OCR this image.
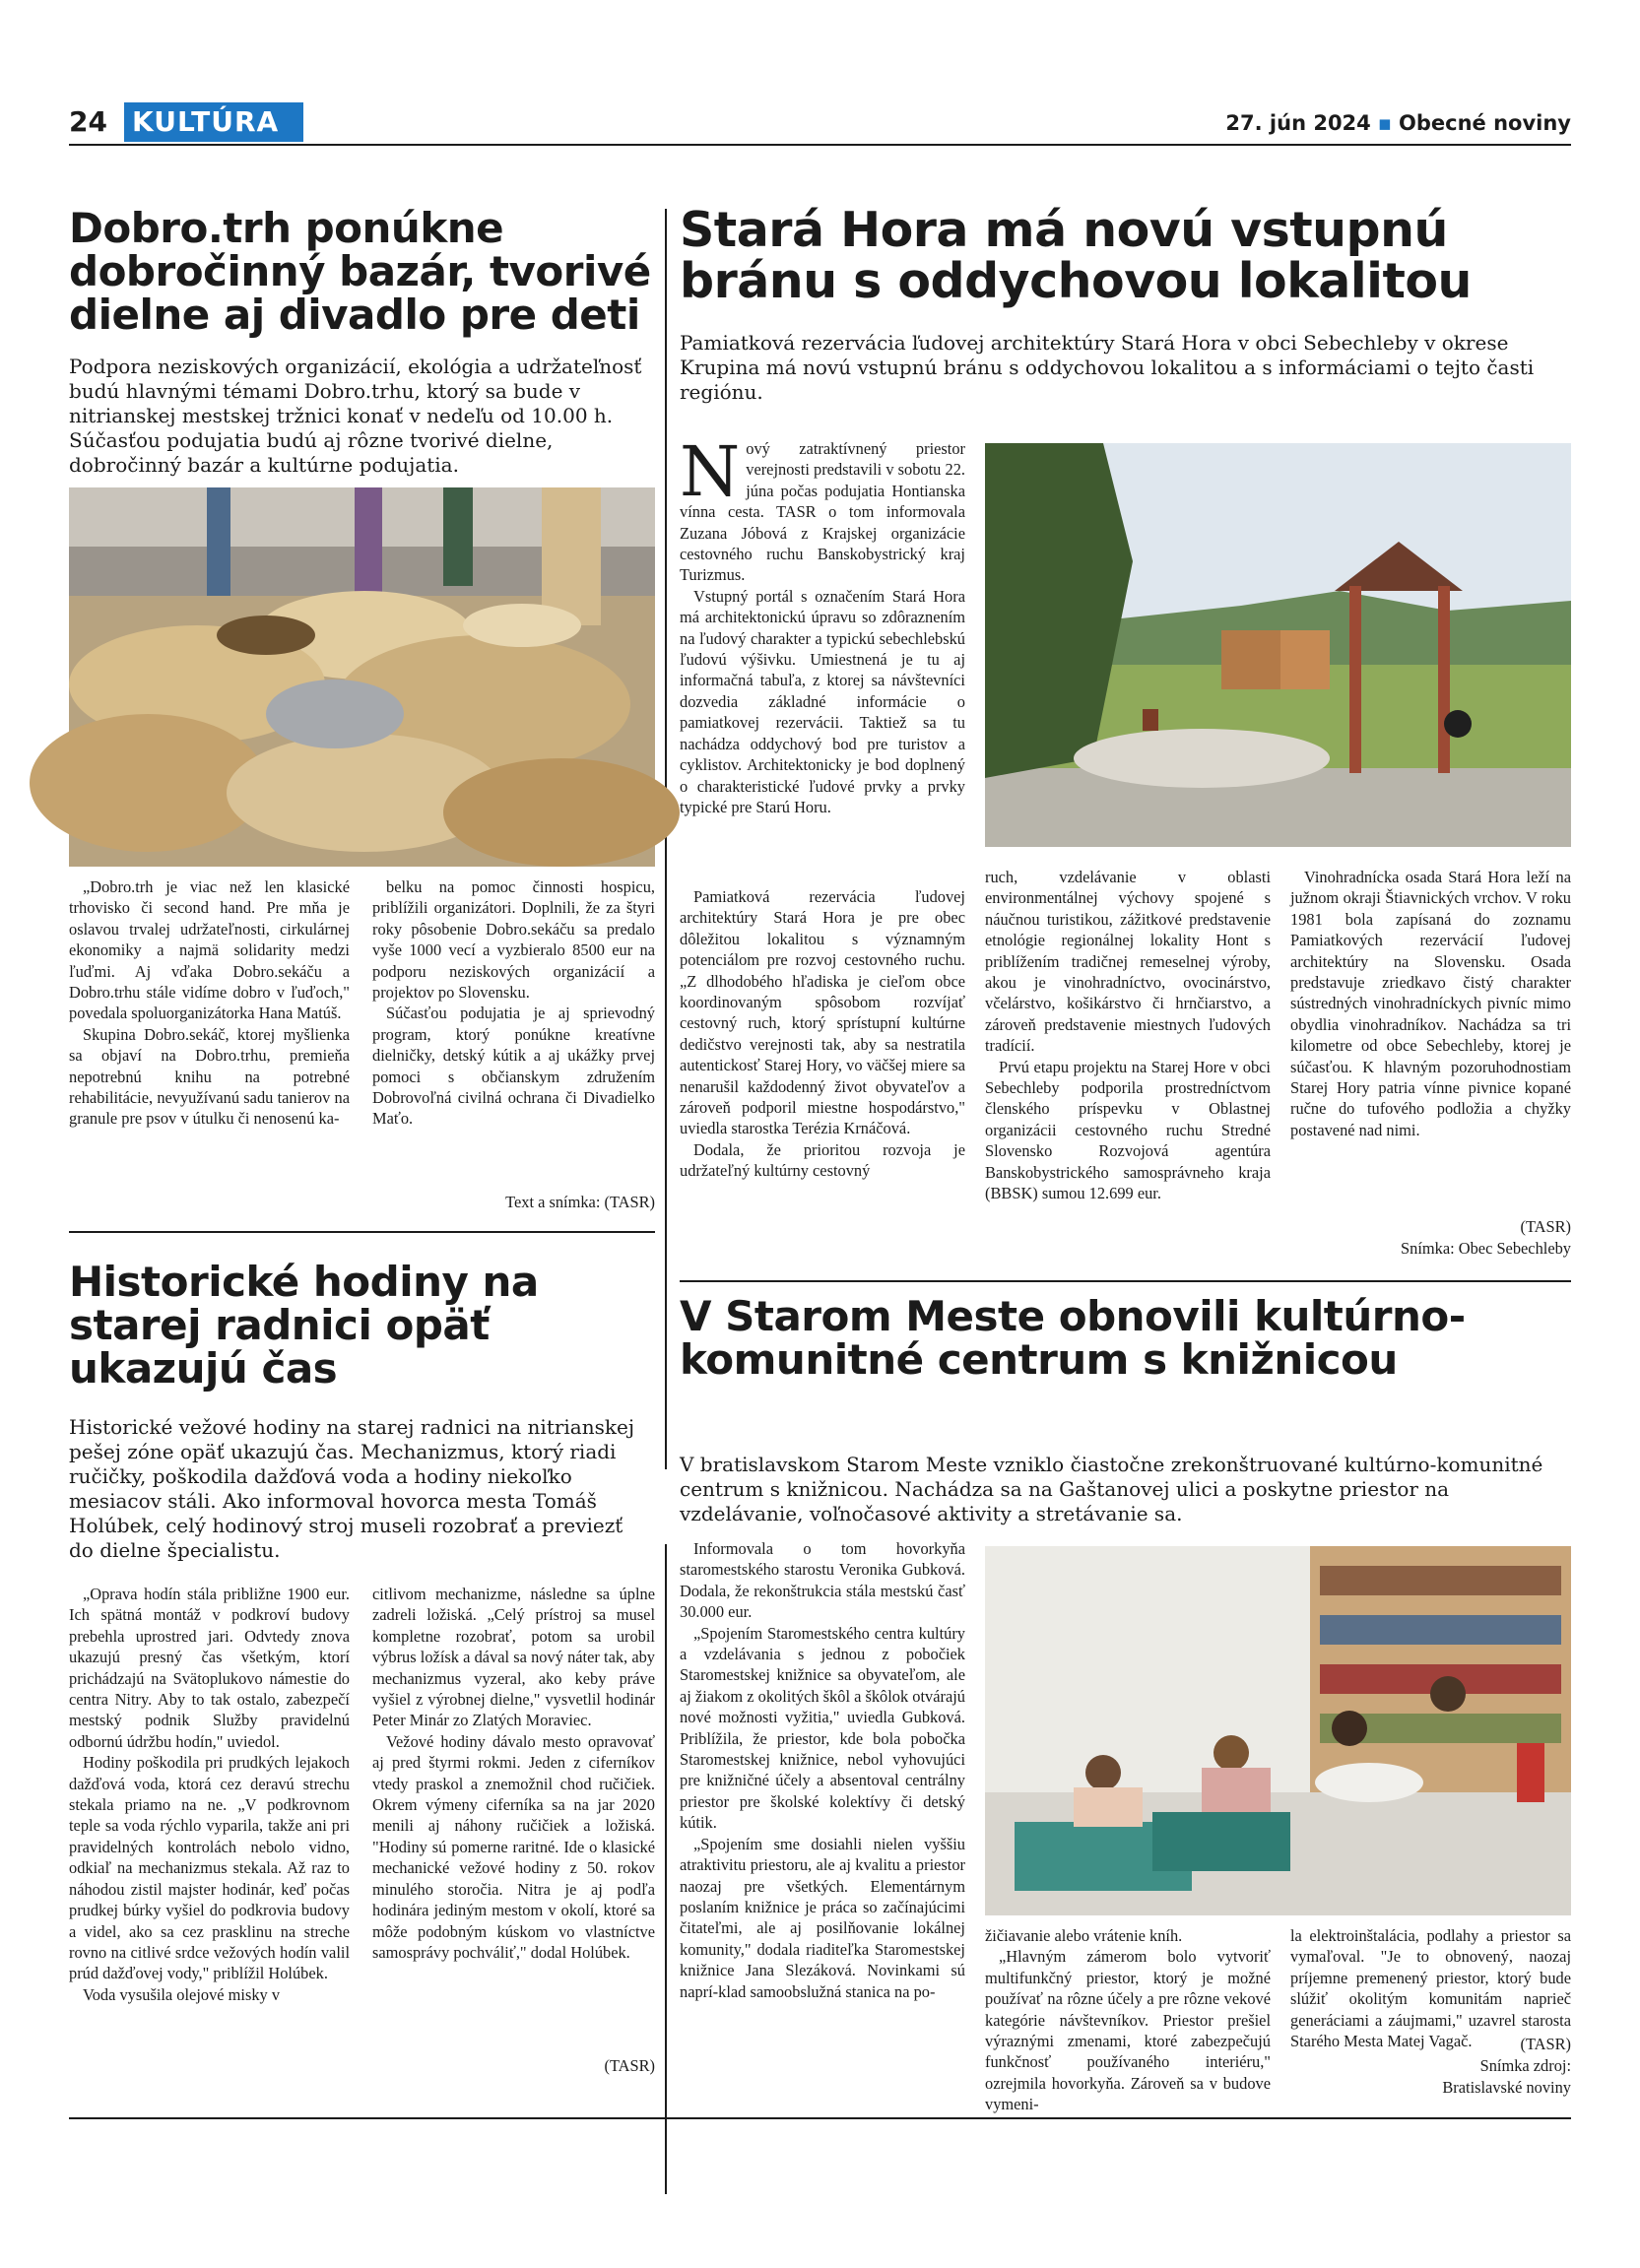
24 KULTÚRA	27. jún 2024 ▪ Obecné noviny
Dobro.trh ponúkne dobročinný bazár, tvorivé dielne aj divadlo pre deti
Podpora neziskových organizácií, ekológia a udržateľnosť budú hlavnými témami Dobro.trhu, ktorý sa bude v nitrianskej mestskej tržnici konať v nedeľu od 10.00 h. Súčasťou podujatia budú aj rôzne tvorivé dielne, dobročinný bazár a kultúrne podujatia.

„Dobro.trh je viac než len klasické trhovisko či second hand. Pre mňa je oslavou trvalej udržateľnosti, cirkulárnej ekonomiky a najmä solidarity medzi ľuďmi. Aj vďaka Dobro.sekáču a Dobro.trhu stále vidíme dobro v ľuďoch," povedala spoluorganizátorka Hana Matúš.

Skupina Dobro.sekáč, ktorej myšlienka sa objaví na Dobro.trhu, premieňa nepotrebnú knihu na potrebné rehabilitácie, nevyužívanú sadu tanierov na granule pre psov v útulku či nenosenú ka-

belku na pomoc činnosti hospicu, priblížili organizátori. Doplnili, že za štyri roky pôsobenie Dobro.sekáču sa predalo vyše 1000 vecí a vyzbieralo 8500 eur na podporu neziskových organizácií a projektov po Slovensku.

Súčasťou podujatia je aj sprievodný program, ktorý ponúkne kreatívne dielničky, detský kútik a aj ukážky prvej pomoci s občianskym združením Dobrovoľná civilná ochrana či Divadielko Maťo.

Text a snímka: (TASR)
Stará Hora má novú vstupnú bránu s oddychovou lokalitou
Pamiatková rezervácia ľudovej architektúry Stará Hora v obci Sebechleby v okrese Krupina má novú vstupnú bránu s oddychovou lokalitou a s informáciami o tejto časti regiónu.
N ový zatraktívnený priestor verejnosti predstavili v sobotu 22. júna počas podujatia Hontianska vínna cesta. TASR o tom informovala Zuzana Jóbová z Krajskej organizácie cestovného ruchu Banskobystrický kraj Turizmus.

Vstupný portál s označením Stará Hora má architektonickú úpravu so zdôraznením na ľudový charakter a typickú sebechlebskú ľudovú výšivku. Umiestnená je tu aj informačná tabuľa, z ktorej sa návštevníci dozvedia základné informácie o pamiatkovej rezervácii. Taktiež sa tu nachádza oddychový bod pre turistov a cyklistov. Architektonicky je bod doplnený o charakteristické ľudové prvky a prvky typické pre Starú Horu.

Pamiatková rezervácia ľudovej architektúry Stará Hora je pre obec dôležitou lokalitou s významným potenciálom pre rozvoj cestovného ruchu. „Z dlhodobého hľadiska je cieľom obce koordinovaným spôsobom rozvíjať cestovný ruch, ktorý sprístupní kultúrne dedičstvo verejnosti tak, aby sa nestratila autentickosť Starej Hory, vo väčšej miere sa nenarušil každodenný život obyvateľov a zároveň podporil miestne hospodárstvo," uviedla starostka Terézia Krnáčová.

Dodala, že prioritou rozvoja je udržateľný kultúrny cestovný

ruch, vzdelávanie v oblasti environmentálnej výchovy spojené s náučnou turistikou, zážitkové predstavenie etnológie regionálnej lokality Hont s priblížením tradičnej remeselnej výroby, akou je vinohradníctvo, ovocinárstvo, včelárstvo, košikárstvo či hrnčiarstvo, a zároveň predstavenie miestnych ľudových tradícií.

Prvú etapu projektu na Starej Hore v obci Sebechleby podporila prostredníctvom členského príspevku v Oblastnej organizácii cestovného ruchu Stredné Slovensko Rozvojová agentúra Banskobystrického samosprávneho kraja (BBSK) sumou 12.699 eur.

Vinohradnícka osada Stará Hora leží na južnom okraji Štiavnických vrchov. V roku 1981 bola zapísaná do zoznamu Pamiatkových rezervácií ľudovej architektúry na Slovensku. Osada predstavuje zriedkavo čistý charakter sústredných vinohradníckych pivníc mimo obydlia vinohradníkov. Nachádza sa tri kilometre od obce Sebechleby, ktorej je súčasťou. K hlavným pozoruhodnostiam Starej Hory patria vínne pivnice kopané ručne do tufového podložia a chyžky postavené nad nimi.

(TASR)
Snímka: Obec Sebechleby
Historické hodiny na starej radnici opäť ukazujú čas
Historické vežové hodiny na starej radnici na nitrianskej pešej zóne opäť ukazujú čas. Mechanizmus, ktorý riadi ručičky, poškodila dažďová voda a hodiny niekoľko mesiacov stáli. Ako informoval hovorca mesta Tomáš Holúbek, celý hodinový stroj museli rozobrať a previezť do dielne špecialistu.

„Oprava hodín stála približne 1900 eur. Ich spätná montáž v podkroví budovy prebehla uprostred jari. Odvtedy znova ukazujú presný čas všetkým, ktorí prichádzajú na Svätoplukovo námestie do centra Nitry. Aby to tak ostalo, zabezpečí mestský podnik Služby pravidelnú odbornú údržbu hodín," uviedol.

Hodiny poškodila pri prudkých lejakoch dažďová voda, ktorá cez deravú strechu stekala priamo na ne. „V podkrovnom teple sa voda rýchlo vyparila, takže ani pri pravidelných kontrolách nebolo vidno, odkiaľ na mechanizmus stekala. Až raz to náhodou zistil majster hodinár, keď počas prudkej búrky vyšiel do podkrovia budovy a videl, ako sa cez prasklinu na streche rovno na citlivé srdce vežových hodín valil prúd dažďovej vody," priblížil Holúbek.

Voda vysušila olejové misky v

citlivom mechanizme, následne sa úplne zadreli ložiská. „Celý prístroj sa musel kompletne rozobrať, potom sa urobil výbrus ložísk a dával sa nový náter tak, aby mechanizmus vyzeral, ako keby práve vyšiel z výrobnej dielne," vysvetlil hodinár Peter Minár zo Zlatých Moraviec.

Vežové hodiny dávalo mesto opravovať aj pred štyrmi rokmi. Jeden z ciferníkov vtedy praskol a znemožnil chod ručičiek. Okrem výmeny ciferníka sa na jar 2020 menili aj náhony ručičiek a ložiská. "Hodiny sú pomerne raritné. Ide o klasické mechanické vežové hodiny z 50. rokov minulého storočia. Nitra je aj podľa hodinára jediným mestom v okolí, ktoré sa môže podobným kúskom vo vlastníctve samosprávy pochváliť," dodal Holúbek.

(TASR)
V Starom Meste obnovili kultúrno-komunitné centrum s knižnicou
V bratislavskom Starom Meste vzniklo čiastočne zrekonštruované kultúrno-komunitné centrum s knižnicou. Nachádza sa na Gaštanovej ulici a poskytne priestor na vzdelávanie, voľnočasové aktivity a stretávanie sa.

Informovala o tom hovorkyňa staromestského starostu Veronika Gubková. Dodala, že rekonštrukcia stála mestskú časť 30.000 eur.

„Spojením Staromestského centra kultúry a vzdelávania s jednou z pobočiek Staromestskej knižnice sa obyvateľom, ale aj žiakom z okolitých škôl a škôlok otvárajú nové možnosti vyžitia," uviedla Gubková. Priblížila, že priestor, kde bola pobočka Staromestskej knižnice, nebol vyhovujúci pre knižničné účely a absentoval centrálny priestor pre školské kolektívy či detský kútik.

„Spojením sme dosiahli nielen vyššiu atraktivitu priestoru, ale aj kvalitu a priestor naozaj pre všetkých. Elementárnym poslaním knižnice je práca so začínajúcimi čitateľmi, ale aj posilňovanie lokálnej komunity," dodala riaditeľka Staromestskej knižnice Jana Slezáková. Novinkami sú naprí-klad samoobslužná stanica na po-

žičiavanie alebo vrátenie kníh.

„Hlavným zámerom bolo vytvoriť multifunkčný priestor, ktorý je možné používať na rôzne účely a pre rôzne vekové kategórie návštevníkov. Priestor prešiel výraznými zmenami, ktoré zabezpečujú funkčnosť používaného interiéru," ozrejmila hovorkyňa. Zároveň sa v budove vymeni-

la elektroinštalácia, podlahy a priestor sa vymaľoval. "Je to obnovený, naozaj príjemne premenený priestor, ktorý bude slúžiť okolitým komunitám naprieč generáciami a záujmami," uzavrel starosta Starého Mesta Matej Vagač.	(TASR)
Snímka zdroj:
Bratislavské noviny
